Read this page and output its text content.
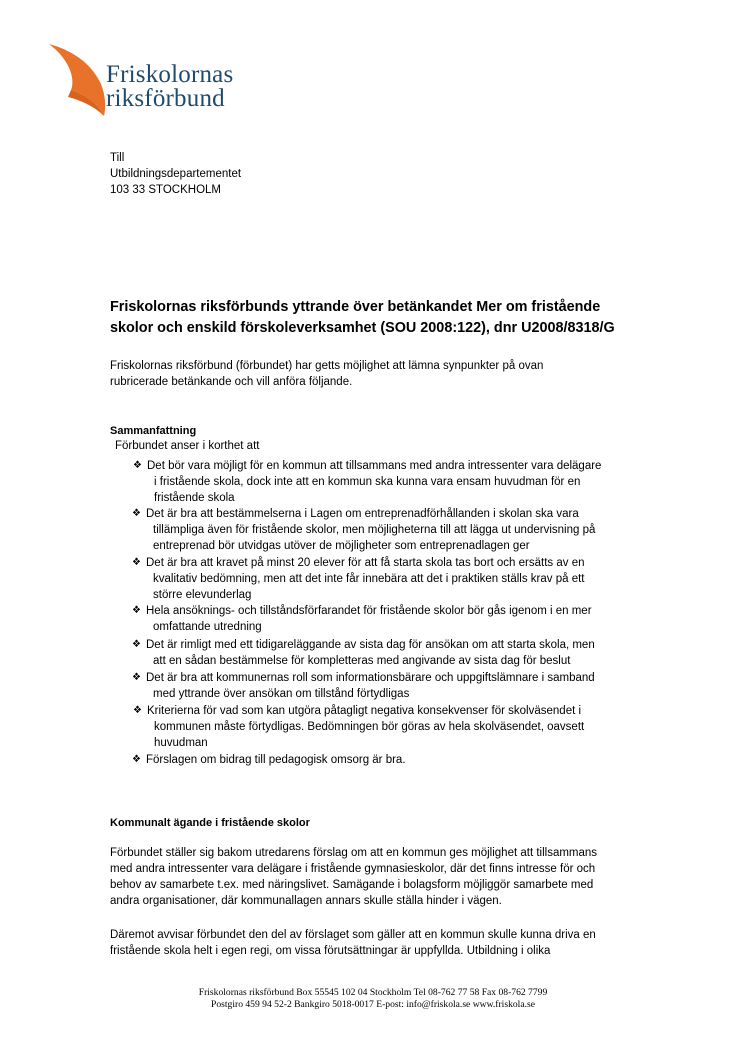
Friskolornas
riksförbund
Till
Utbildningsdepartementet
103 33 STOCKHOLM
Friskolornas riksförbunds yttrande över betänkandet Mer om fristående
skolor och enskild förskoleverksamhet (SOU 2008:122), dnr U2008/8318/G
Friskolornas riksförbund (förbundet) har getts möjlighet att lämna synpunkter på ovan
rubricerade betänkande och vill anföra följande.
Sammanfattning
Förbundet anser i korthet att
❖ Det bör vara möjligt för en kommun att tillsammans med andra intressenter vara delägare
i fristående skola, dock inte att en kommun ska kunna vara ensam huvudman för en
fristående skola
❖ Det är bra att bestämmelserna i Lagen om entreprenadförhållanden i skolan ska vara
tillämpliga även för fristående skolor, men möjligheterna till att lägga ut undervisning på
entreprenad bör utvidgas utöver de möjligheter som entreprenadlagen ger
❖ Det är bra att kravet på minst 20 elever för att få starta skola tas bort och ersätts av en
kvalitativ bedömning, men att det inte får innebära att det i praktiken ställs krav på ett
större elevunderlag
❖ Hela ansöknings- och tillståndsförfarandet för fristående skolor bör gås igenom i en mer
omfattande utredning
❖ Det är rimligt med ett tidigareläggande av sista dag för ansökan om att starta skola, men
att en sådan bestämmelse för kompletteras med angivande av sista dag för beslut
❖ Det är bra att kommunernas roll som informationsbärare och uppgiftslämnare i samband
med yttrande över ansökan om tillstånd förtydligas
❖ Kriterierna för vad som kan utgöra påtagligt negativa konsekvenser för skolväsendet i
kommunen måste förtydligas. Bedömningen bör göras av hela skolväsendet, oavsett
huvudman
❖ Förslagen om bidrag till pedagogisk omsorg är bra.
Kommunalt ägande i fristående skolor
Förbundet ställer sig bakom utredarens förslag om att en kommun ges möjlighet att tillsammans
med andra intressenter vara delägare i fristående gymnasieskolor, där det finns intresse för och
behov av samarbete t.ex. med näringslivet. Samägande i bolagsform möjliggör samarbete med
andra organisationer, där kommunallagen annars skulle ställa hinder i vägen.
Däremot avvisar förbundet den del av förslaget som gäller att en kommun skulle kunna driva en
fristående skola helt i egen regi, om vissa förutsättningar är uppfyllda. Utbildning i olika
Friskolornas riksförbund Box 55545 102 04 Stockholm Tel 08-762 77 58 Fax 08-762 7799
Postgiro 459 94 52-2 Bankgiro 5018-0017 E-post: info@friskola.se www.friskola.se
